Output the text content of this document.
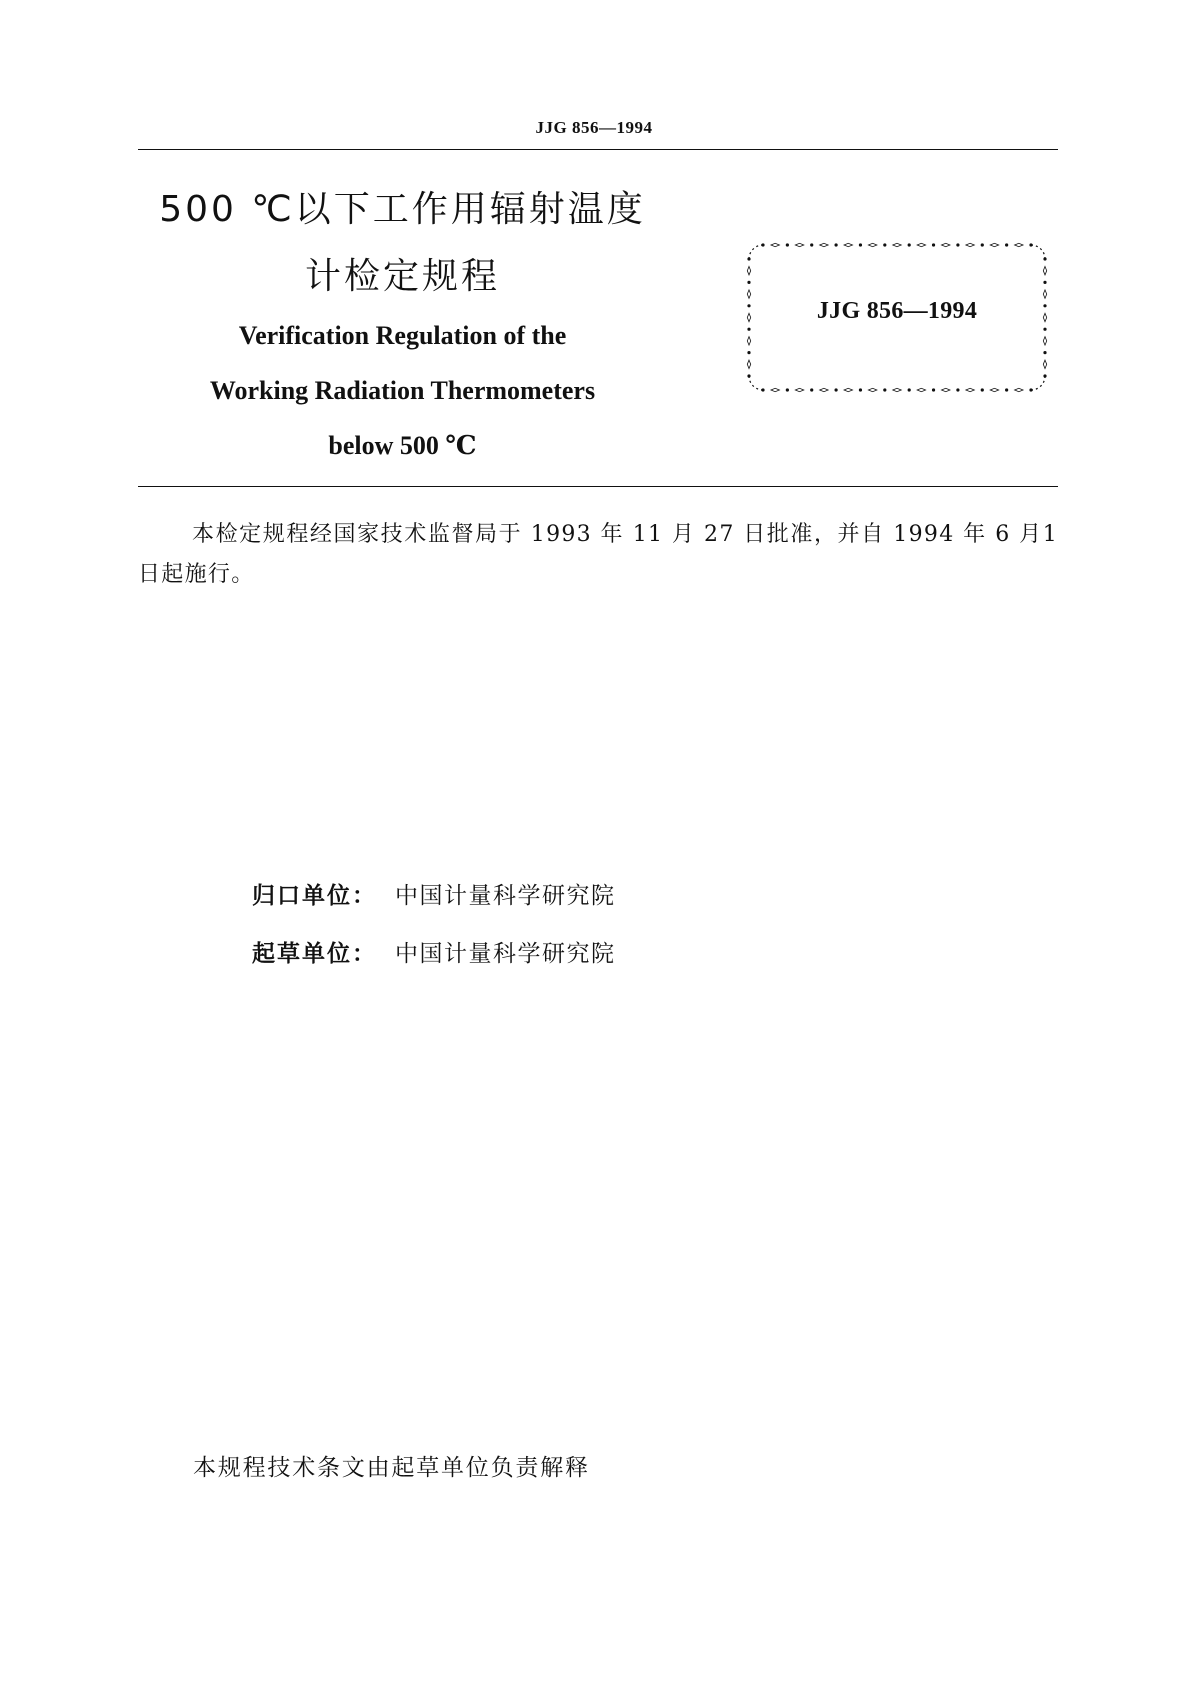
JJG 856—1994
500 ℃以下工作用辐射温度
计检定规程
Verification Regulation of the
Working Radiation Thermometers
below 500 ℃
JJG 856—1994
本检定规程经国家技术监督局于 1993 年 11 月 27 日批准，并自 1994 年 6 月1 日起施行。
归口单位： 中国计量科学研究院
起草单位： 中国计量科学研究院
本规程技术条文由起草单位负责解释
